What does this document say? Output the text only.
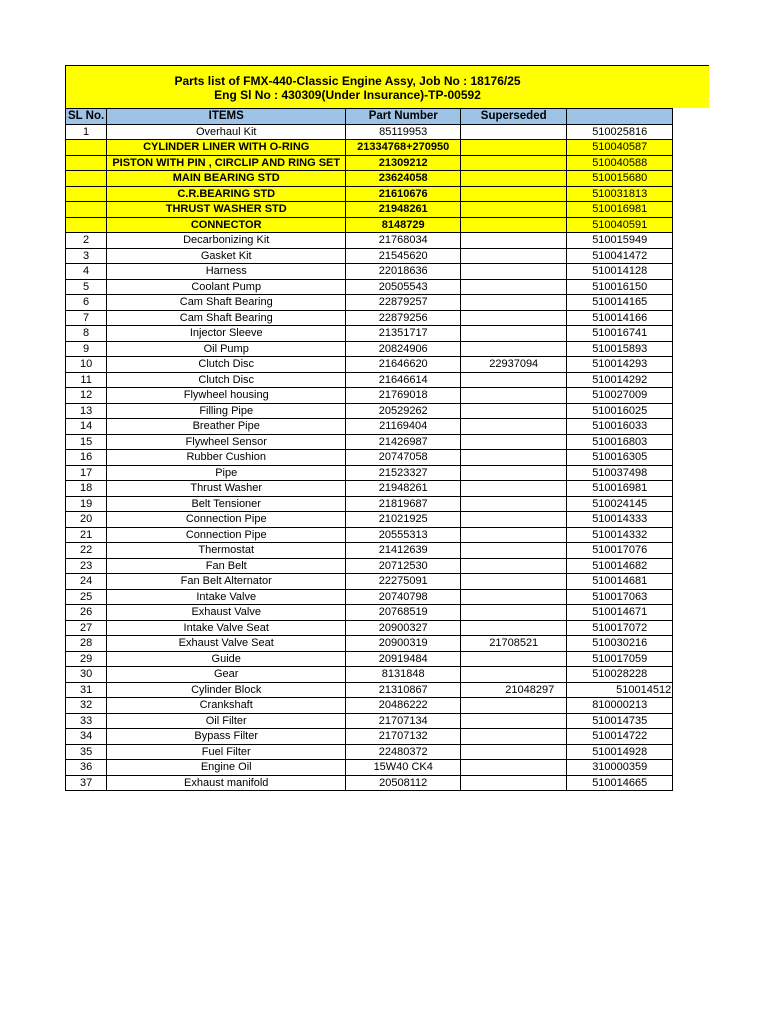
Parts list of FMX-440-Classic Engine Assy, Job No : 18176/25
Eng Sl No : 430309(Under Insurance)-TP-00592
SL No.	ITEMS	Part Number	Superseded	
1	Overhaul Kit	85119953		510025816
	CYLINDER LINER WITH O-RING	21334768+270950		510040587
	PISTON WITH PIN , CIRCLIP AND RING SET	21309212		510040588
	MAIN BEARING STD	23624058		510015680
	C.R.BEARING STD	21610676		510031813
	THRUST WASHER STD	21948261		510016981
	CONNECTOR	8148729		510040591
2	Decarbonizing Kit	21768034		510015949
3	Gasket Kit	21545620		510041472
4	Harness	22018636		510014128
5	Coolant Pump	20505543		510016150
6	Cam Shaft Bearing	22879257		510014165
7	Cam Shaft Bearing	22879256		510014166
8	Injector Sleeve	21351717		510016741
9	Oil Pump	20824906		510015893
10	Clutch Disc	21646620	22937094	510014293
11	Clutch Disc	21646614		510014292
12	Flywheel housing	21769018		510027009
13	Filling Pipe	20529262		510016025
14	Breather Pipe	21169404		510016033
15	Flywheel Sensor	21426987		510016803
16	Rubber Cushion	20747058		510016305
17	Pipe	21523327		510037498
18	Thrust Washer	21948261		510016981
19	Belt Tensioner	21819687		510024145
20	Connection Pipe	21021925		510014333
21	Connection Pipe	20555313		510014332
22	Thermostat	21412639		510017076
23	Fan Belt	20712530		510014682
24	Fan Belt Alternator	22275091		510014681
25	Intake Valve	20740798		510017063
26	Exhaust Valve	20768519		510014671
27	Intake Valve Seat	20900327		510017072
28	Exhaust Valve Seat	20900319	21708521	510030216
29	Guide	20919484		510017059
30	Gear	8131848		510028228
31	Cylinder Block	21310867	21048297	510014512
32	Crankshaft	20486222		810000213
33	Oil Filter	21707134		510014735
34	Bypass Filter	21707132		510014722
35	Fuel Filter	22480372		510014928
36	Engine Oil	15W40 CK4		310000359
37	Exhaust manifold	20508112		510014665
